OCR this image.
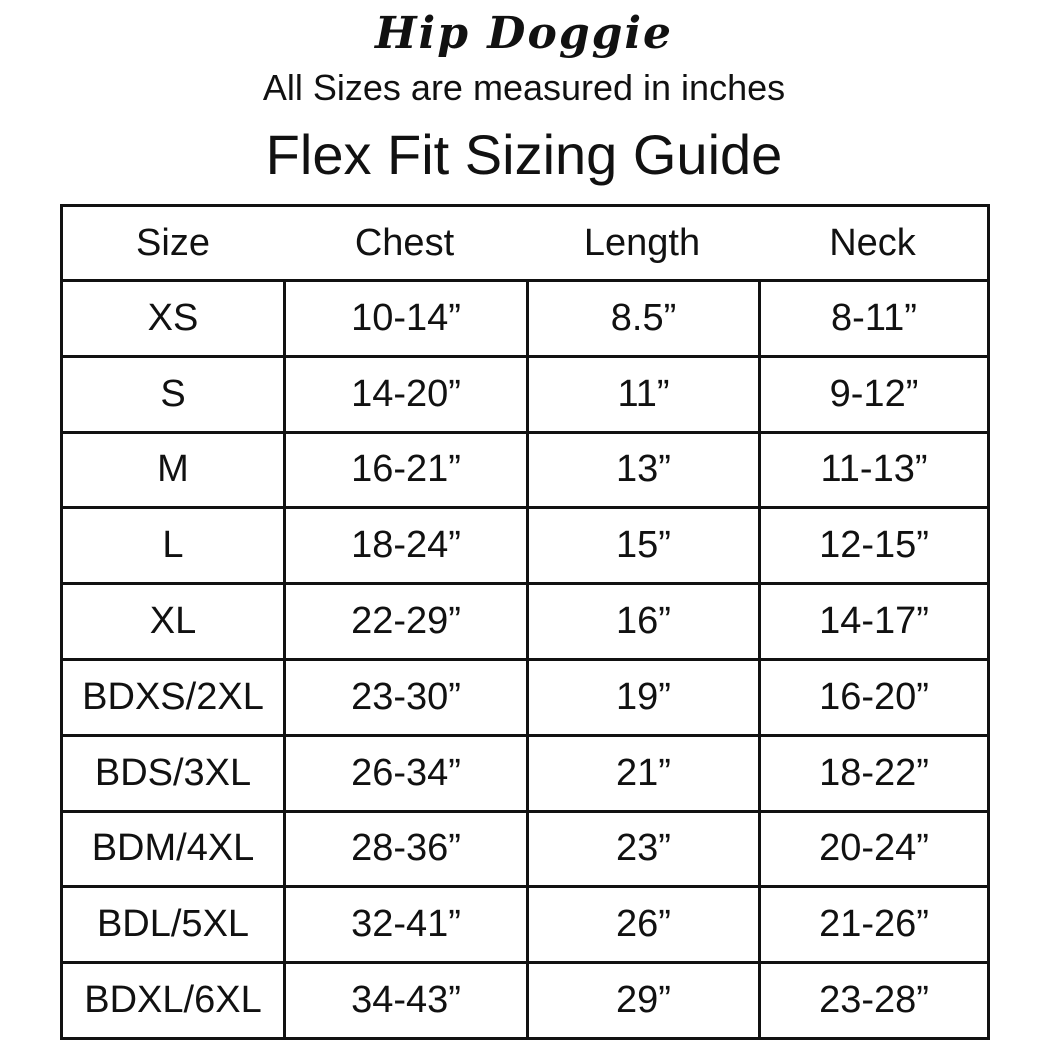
Hip Doggie
All Sizes are measured in inches
Flex Fit Sizing Guide
Size	Chest	Length	Neck
XS	10-14”	8.5”	8-11”
S	14-20”	11”	9-12”
M	16-21”	13”	11-13”
L	18-24”	15”	12-15”
XL	22-29”	16”	14-17”
BDXS/2XL	23-30”	19”	16-20”
BDS/3XL	26-34”	21”	18-22”
BDM/4XL	28-36”	23”	20-24”
BDL/5XL	32-41”	26”	21-26”
BDXL/6XL	34-43”	29”	23-28”
